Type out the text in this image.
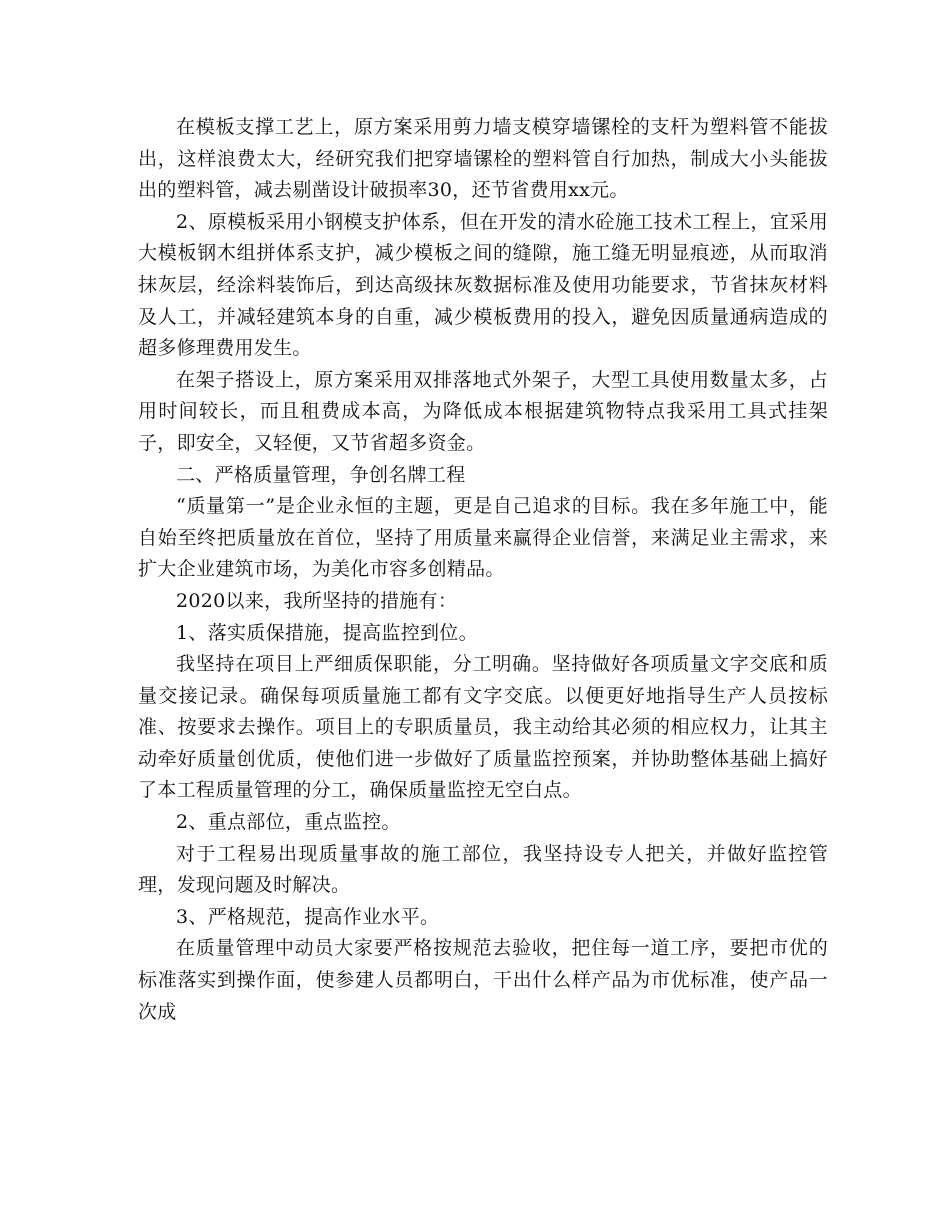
在模板支撑工艺上，原方案采用剪力墙支模穿墙镙栓的支杆为塑料管不能拔出，这样浪费太大，经研究我们把穿墙镙栓的塑料管自行加热，制成大小头能拔出的塑料管，减去剔凿设计破损率30，还节省费用xx元。

2、原模板采用小钢模支护体系，但在开发的清水砼施工技术工程上，宜采用大模板钢木组拼体系支护，减少模板之间的缝隙，施工缝无明显痕迹，从而取消抹灰层，经涂料装饰后，到达高级抹灰数据标准及使用功能要求，节省抹灰材料及人工，并减轻建筑本身的自重，减少模板费用的投入，避免因质量通病造成的超多修理费用发生。

在架子搭设上，原方案采用双排落地式外架子，大型工具使用数量太多，占用时间较长，而且租费成本高，为降低成本根据建筑物特点我采用工具式挂架子，即安全，又轻便，又节省超多资金。

二、严格质量管理，争创名牌工程

“质量第一”是企业永恒的主题，更是自己追求的目标。我在多年施工中，能自始至终把质量放在首位，坚持了用质量来赢得企业信誉，来满足业主需求，来扩大企业建筑市场，为美化市容多创精品。

2020以来，我所坚持的措施有：

1、落实质保措施，提高监控到位。

我坚持在项目上严细质保职能，分工明确。坚持做好各项质量文字交底和质量交接记录。确保每项质量施工都有文字交底。以便更好地指导生产人员按标准、按要求去操作。项目上的专职质量员，我主动给其必须的相应权力，让其主动牵好质量创优质，使他们进一步做好了质量监控预案，并协助整体基础上搞好了本工程质量管理的分工，确保质量监控无空白点。

2、重点部位，重点监控。

对于工程易出现质量事故的施工部位，我坚持设专人把关，并做好监控管理，发现问题及时解决。

3、严格规范，提高作业水平。

在质量管理中动员大家要严格按规范去验收，把住每一道工序，要把市优的标准落实到操作面，使参建人员都明白，干出什么样产品为市优标准，使产品一次成
